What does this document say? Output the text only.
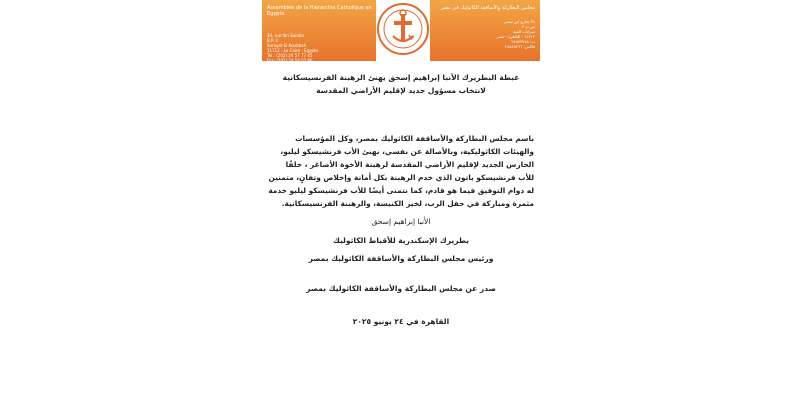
Assemblée de la Hiérarchie Catholique en Egypte
34, rue Ibn Sandar
B.P. 2
Sarayet El Koubbah
11712 - Le Caire - Egypte
Tel.: (202) 24 57 77 45
Fax: (202) 24 54 57 66
مجلس البطاركة والأساقفة الكاثوليك في مصر
٣٤ شارع ابن سندر
ص.ب ٢
سرايات القبة
١١٧١٢ - القاهرة - مصر
ت: ٢٤٥٧٧٧٤٥
فاكس: ٢٤٥٤٥٧٦٦
غبطة البطريرك الأنبا إبراهيم إسحق يهنئ الرهبنة الفرنسيسكانية
لانتخاب مسؤول جديد لإقليم الأراضي المقدسة

باسم مجلس البطاركة والأساقفة الكاثوليك بمصر، وكل المؤسسات والهيئات الكاثوليكية، وبالأصالة عن نفسي، نهنئ الأب فرنشيسكو ليلبو، الحارس الجديد لإقليم الأراضي المقدسة لرهبنة الأخوة الأصاغر ، خلفًا للأب فرنشيسكو باتون الذي خدم الرهبنة بكل أمانة وإخلاص وتفانٍ، متمنين له دوام التوفيق فيما هو قادم، كما نتمنى أيضًا للأب فرنشيسكو ليلبو خدمة مثمرة ومباركة في حقل الرب، لخير الكنيسة، والرهبنة الفرنسيسكانية.

الأنبا إبراهيم إسحق
بطريرك الإسكندرية للأقباط الكاثوليك
ورئيس مجلس البطاركة والأساقفة الكاثوليك بمصر
صدر عن مجلس البطاركة والأساقفة الكاثوليك بمصر
القاهرة في ٢٤ يونيو ٢٠٢٥
